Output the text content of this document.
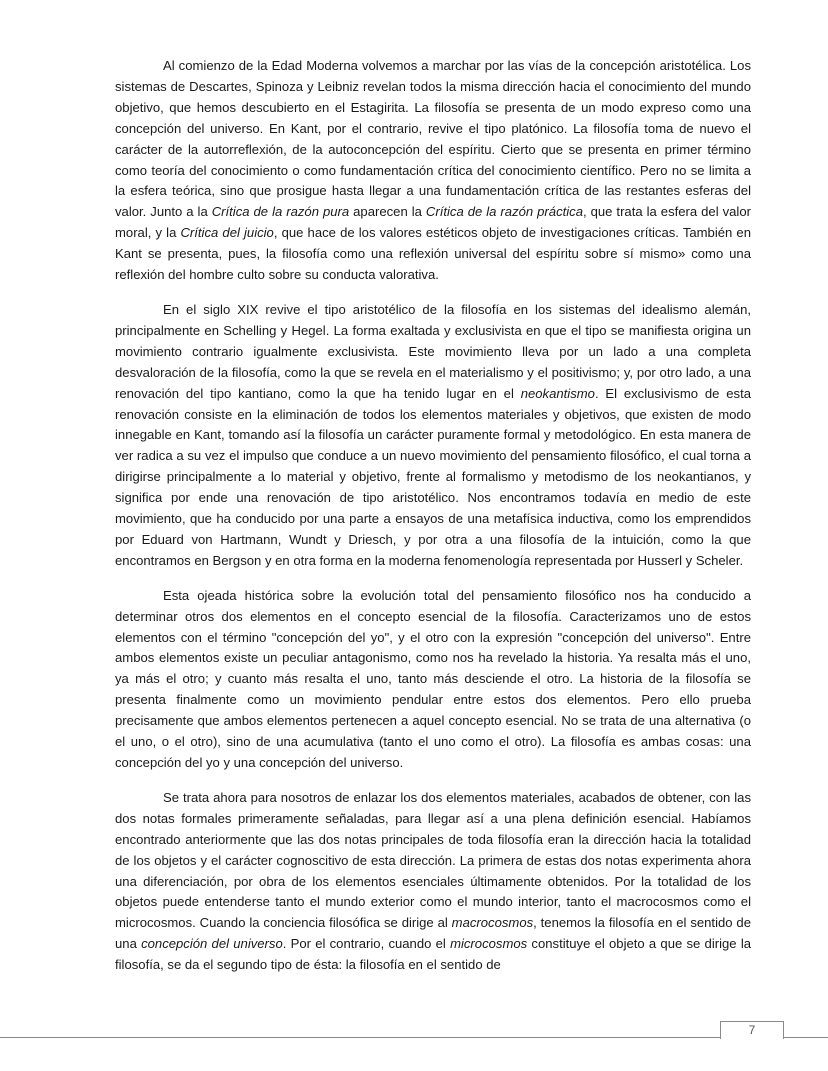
Al comienzo de la Edad Moderna volvemos a marchar por las vías de la concepción aristotélica. Los sistemas de Descartes, Spinoza y Leibniz revelan todos la misma dirección hacia el conocimiento del mundo objetivo, que hemos descubierto en el Estagirita. La filosofía se presenta de un modo expreso como una concepción del universo. En Kant, por el contrario, revive el tipo platónico. La filosofía toma de nuevo el carácter de la autorreflexión, de la autoconcepción del espíritu. Cierto que se presenta en primer término como teoría del conocimiento o como fundamentación crítica del conocimiento científico. Pero no se limita a la esfera teórica, sino que prosigue hasta llegar a una fundamentación crítica de las restantes esferas del valor. Junto a la Crítica de la razón pura aparecen la Crítica de la razón práctica, que trata la esfera del valor moral, y la Crítica del juicio, que hace de los valores estéticos objeto de investigaciones críticas. También en Kant se presenta, pues, la filosofía como una reflexión universal del espíritu sobre sí mismo» como una reflexión del hombre culto sobre su conducta valorativa.

En el siglo XIX revive el tipo aristotélico de la filosofía en los sistemas del idealismo alemán, principalmente en Schelling y Hegel. La forma exaltada y exclusivista en que el tipo se manifiesta origina un movimiento contrario igualmente exclusivista. Este movimiento lleva por un lado a una completa desvaloración de la filosofía, como la que se revela en el materialismo y el positivismo; y, por otro lado, a una renovación del tipo kantiano, como la que ha tenido lugar en el neokantismo. El exclusivismo de esta renovación consiste en la eliminación de todos los elementos materiales y objetivos, que existen de modo innegable en Kant, tomando así la filosofía un carácter puramente formal y metodológico. En esta manera de ver radica a su vez el impulso que conduce a un nuevo movimiento del pensamiento filosófico, el cual torna a dirigirse principalmente a lo material y objetivo, frente al formalismo y metodismo de los neokantianos, y significa por ende una renovación de tipo aristotélico. Nos encontramos todavía en medio de este movimiento, que ha conducido por una parte a ensayos de una metafísica inductiva, como los emprendidos por Eduard von Hartmann, Wundt y Driesch, y por otra a una filosofía de la intuición, como la que encontramos en Bergson y en otra forma en la moderna fenomenología representada por Husserl y Scheler.

Esta ojeada histórica sobre la evolución total del pensamiento filosófico nos ha conducido a determinar otros dos elementos en el concepto esencial de la filosofía. Caracterizamos uno de estos elementos con el término "concepción del yo", y el otro con la expresión "concepción del universo". Entre ambos elementos existe un peculiar antagonismo, como nos ha revelado la historia. Ya resalta más el uno, ya más el otro; y cuanto más resalta el uno, tanto más desciende el otro. La historia de la filosofía se presenta finalmente como un movimiento pendular entre estos dos elementos. Pero ello prueba precisamente que ambos elementos pertenecen a aquel concepto esencial. No se trata de una alternativa (o el uno, o el otro), sino de una acumulativa (tanto el uno como el otro). La filosofía es ambas cosas: una concepción del yo y una concepción del universo.

Se trata ahora para nosotros de enlazar los dos elementos materiales, acabados de obtener, con las dos notas formales primeramente señaladas, para llegar así a una plena definición esencial. Habíamos encontrado anteriormente que las dos notas principales de toda filosofía eran la dirección hacia la totalidad de los objetos y el carácter cognoscitivo de esta dirección. La primera de estas dos notas experimenta ahora una diferenciación, por obra de los elementos esenciales últimamente obtenidos. Por la totalidad de los objetos puede entenderse tanto el mundo exterior como el mundo interior, tanto el macrocosmos como el microcosmos. Cuando la conciencia filosófica se dirige al macrocosmos, tenemos la filosofía en el sentido de una concepción del universo. Por el contrario, cuando el microcosmos constituye el objeto a que se dirige la filosofía, se da el segundo tipo de ésta: la filosofía en el sentido de

7
